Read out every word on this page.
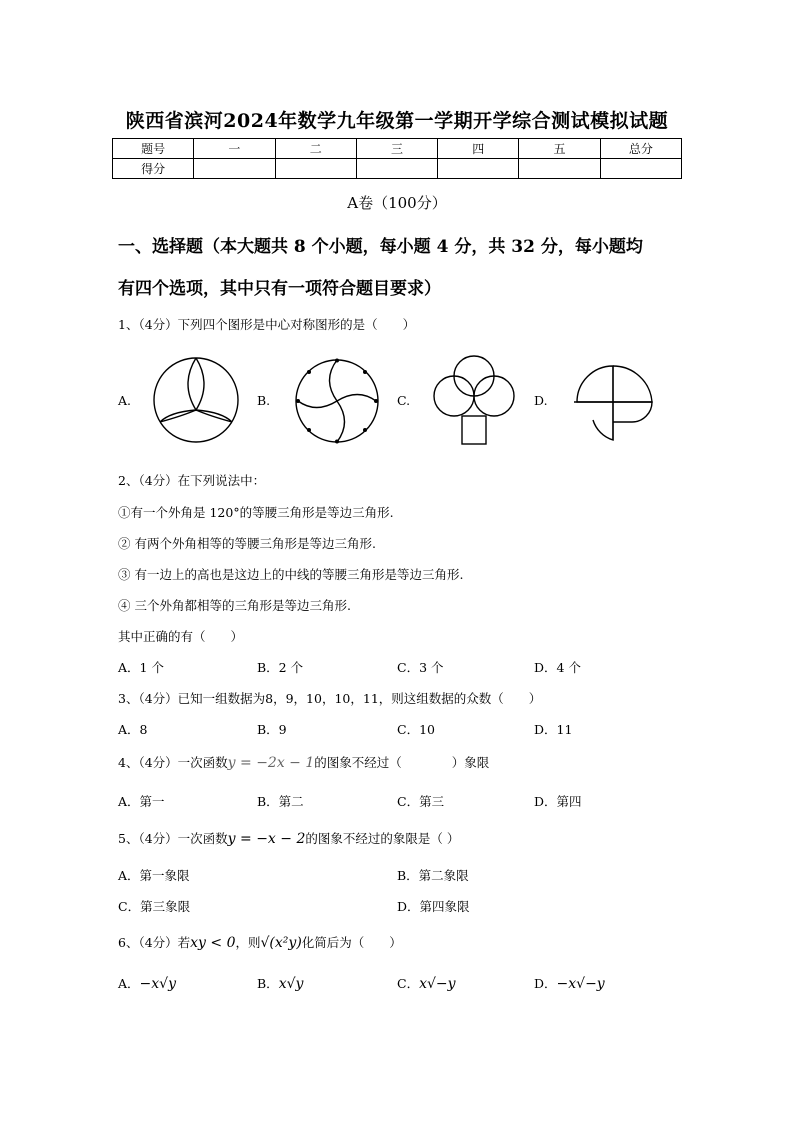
陕西省滨河2024年数学九年级第一学期开学综合测试模拟试题
题号	一	二	三	四	五	总分
得分						
A卷（100分）
一、选择题（本大题共 8 个小题，每小题 4 分，共 32 分，每小题均
有四个选项，其中只有一项符合题目要求）
1、（4分）下列四个图形是中心对称图形的是（　　）
A.	B.	C.	D.
2、（4分）在下列说法中：
①有一个外角是 120°的等腰三角形是等边三角形.
② 有两个外角相等的等腰三角形是等边三角形.
③ 有一边上的高也是这边上的中线的等腰三角形是等边三角形.
④ 三个外角都相等的三角形是等边三角形.
其中正确的有（　　）
A．1 个	B．2 个	C．3 个	D．4 个
3、（4分）已知一组数据为8，9，10，10，11，则这组数据的众数（　　）
A．8	B．9	C．10	D．11
4、（4分）一次函数y = −2x − 1的图象不经过（　　　　）象限
A．第一	B．第二	C．第三	D．第四
5、（4分）一次函数y = −x − 2的图象不经过的象限是（ ）
A．第一象限	B．第二象限
C．第三象限	D．第四象限
6、（4分）若xy < 0，则√(x²y)化简后为（　　）
A．−x√y	B．x√y	C．x√−y	D．−x√−y
